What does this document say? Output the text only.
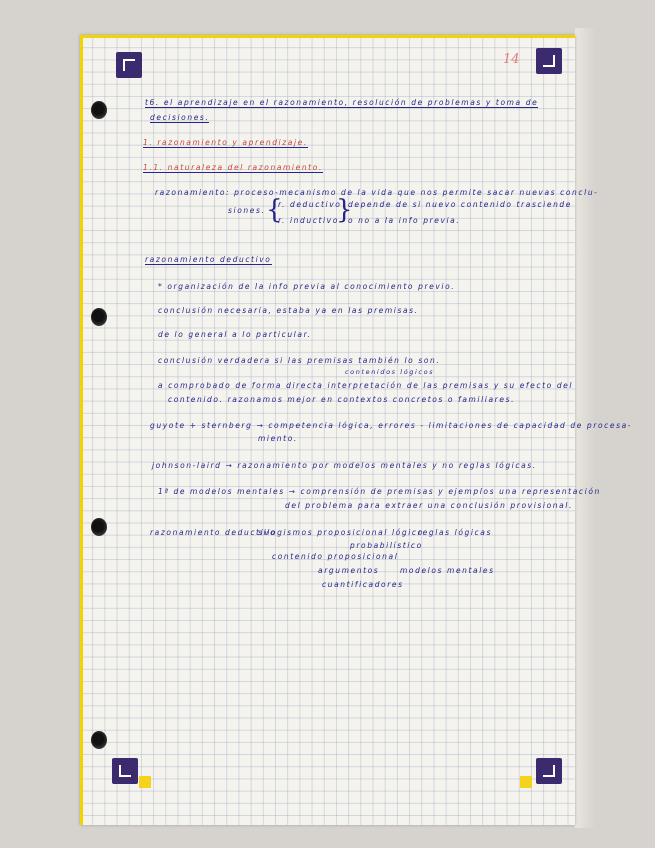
14
t6. el aprendizaje en el razonamiento, resolución de problemas y toma de
decisiones.
1. razonamiento y aprendizaje.
1.1. naturaleza del razonamiento.
razonamiento: proceso-mecanismo de la vida que nos permite sacar nuevas conclu-
siones. {
r. deductivo
}
depende de si nuevo contenido trasciende
r. inductivo o no a la info previa.
razonamiento deductivo
* organización de la info previa al conocimiento previo.
conclusión necesaria, estaba ya en las premisas.
de lo general a lo particular.
conclusión verdadera si las premisas también lo son.
contenidos lógicos
a comprobado de forma directa interpretación de las premisas y su efecto del
contenido. razonamos mejor en contextos concretos o familiares.
guyote + sternberg → competencia lógica, errores - limitaciones de capacidad de procesa-
miento.
johnson-laird → razonamiento por modelos mentales y no reglas lógicas.
1ª de modelos mentales → comprensión de premisas y ejemplos una representación
del problema para extraer una conclusión provisional.
razonamiento deductivo
silogismos proposicional lógico
reglas lógicas
probabilístico
contenido proposicional
argumentos	modelos mentales
cuantificadores
